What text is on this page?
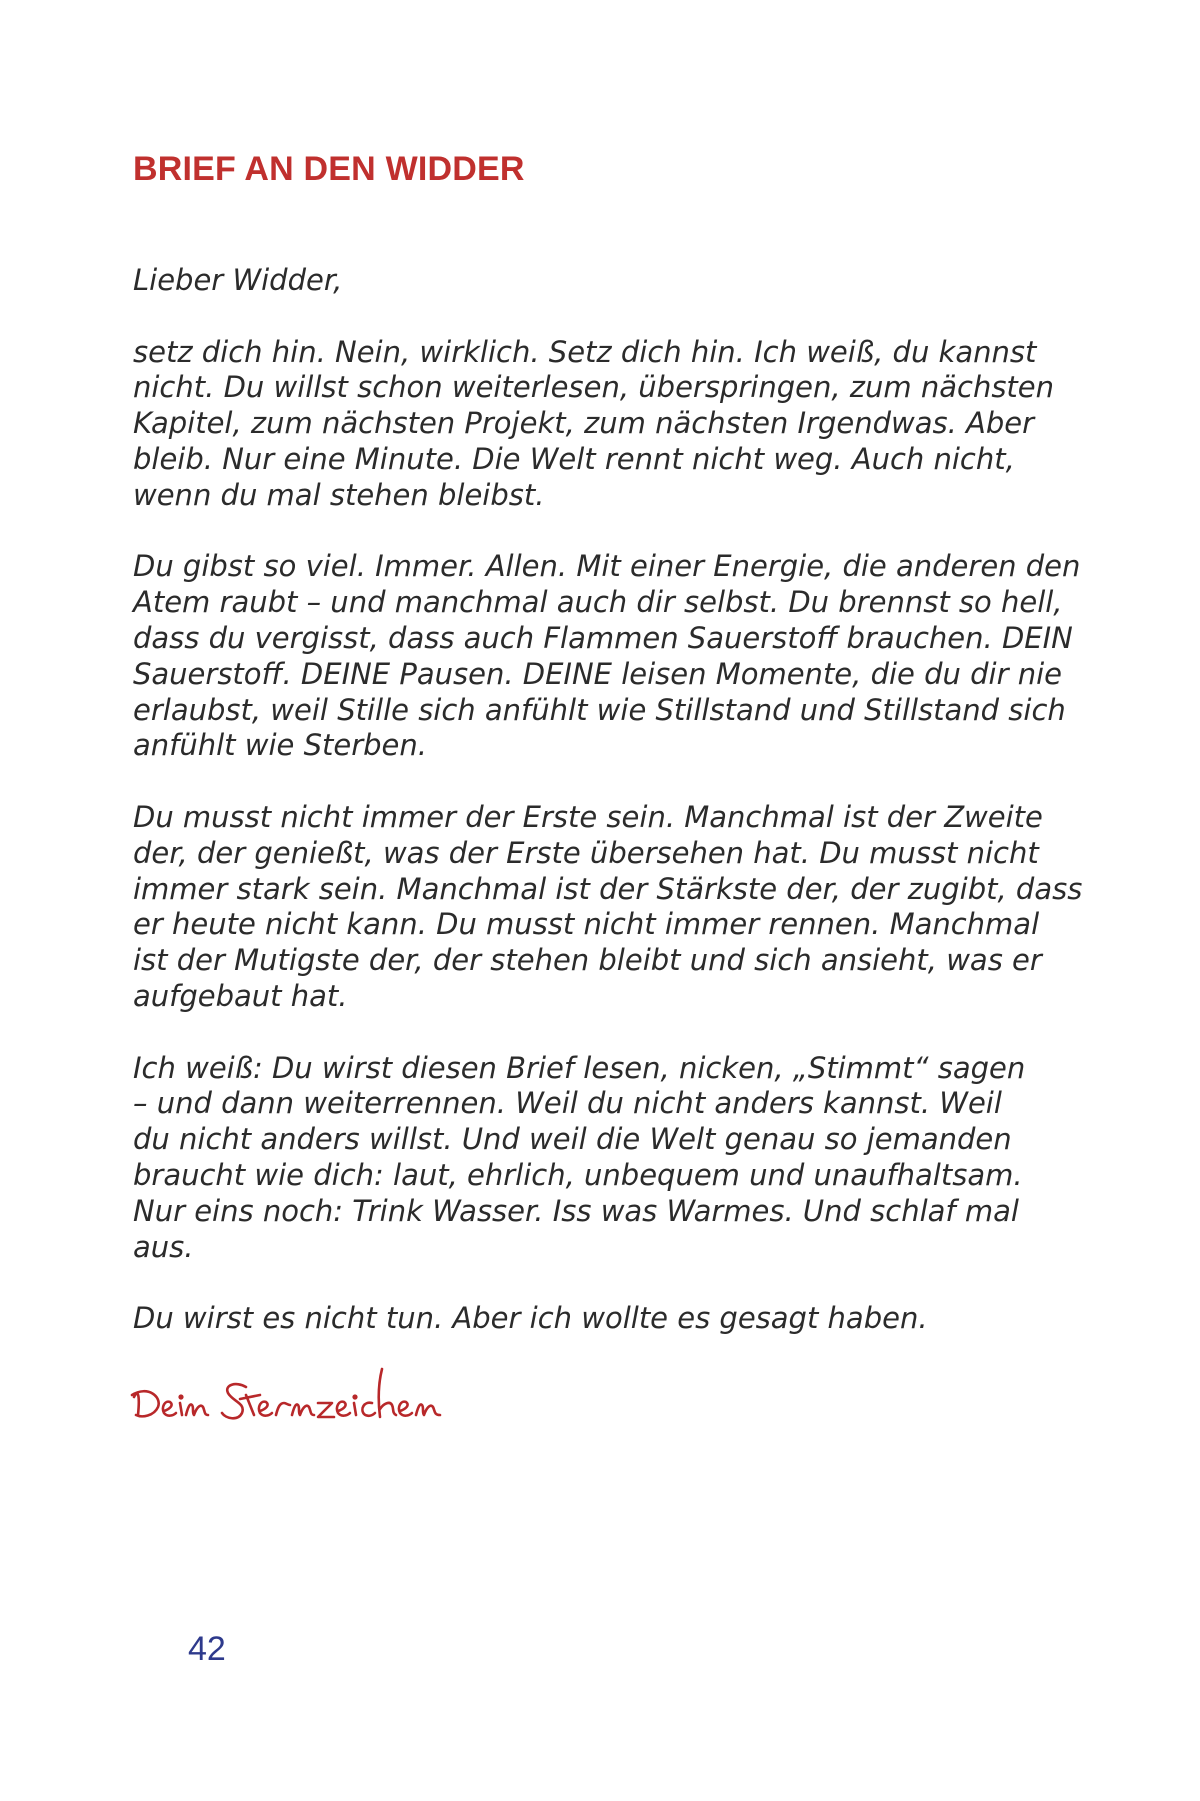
BRIEF AN DEN WIDDER

Lieber Widder,

setz dich hin. Nein, wirklich. Setz dich hin. Ich weiß, du kannst
nicht. Du willst schon weiterlesen, überspringen, zum nächsten
Kapitel, zum nächsten Projekt, zum nächsten Irgendwas. Aber
bleib. Nur eine Minute. Die Welt rennt nicht weg. Auch nicht,
wenn du mal stehen bleibst.

Du gibst so viel. Immer. Allen. Mit einer Energie, die anderen den
Atem raubt – und manchmal auch dir selbst. Du brennst so hell,
dass du vergisst, dass auch Flammen Sauerstoff brauchen. DEIN
Sauerstoff. DEINE Pausen. DEINE leisen Momente, die du dir nie
erlaubst, weil Stille sich anfühlt wie Stillstand und Stillstand sich
anfühlt wie Sterben.

Du musst nicht immer der Erste sein. Manchmal ist der Zweite
der, der genießt, was der Erste übersehen hat. Du musst nicht
immer stark sein. Manchmal ist der Stärkste der, der zugibt, dass
er heute nicht kann. Du musst nicht immer rennen. Manchmal
ist der Mutigste der, der stehen bleibt und sich ansieht, was er
aufgebaut hat.

Ich weiß: Du wirst diesen Brief lesen, nicken, „Stimmt“ sagen
– und dann weiterrennen. Weil du nicht anders kannst. Weil
du nicht anders willst. Und weil die Welt genau so jemanden
braucht wie dich: laut, ehrlich, unbequem und unaufhaltsam.
Nur eins noch: Trink Wasser. Iss was Warmes. Und schlaf mal
aus.

Du wirst es nicht tun. Aber ich wollte es gesagt haben.

42
